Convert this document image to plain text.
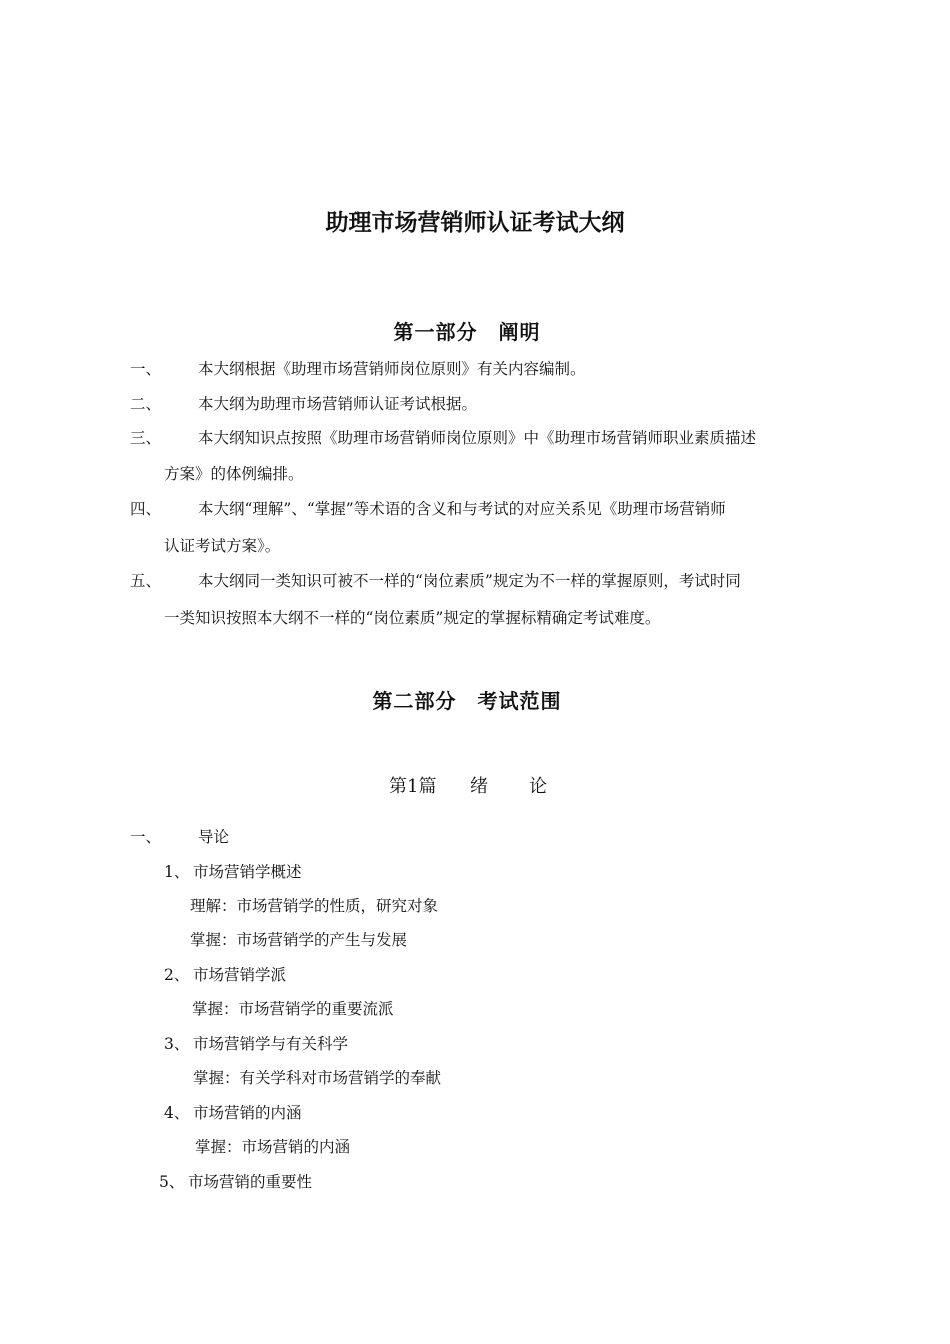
助理市场营销师认证考试大纲
第一部分　阐明
一、 本大纲根据《助理市场营销师岗位原则》有关内容编制。
二、 本大纲为助理市场营销师认证考试根据。
三、 本大纲知识点按照《助理市场营销师岗位原则》中《助理市场营销师职业素质描述
方案》的体例编排。
四、 本大纲“理解”、“掌握”等术语的含义和与考试的对应关系见《助理市场营销师
认证考试方案》。
五、 本大纲同一类知识可被不一样的“岗位素质”规定为不一样的掌握原则，考试时同
一类知识按照本大纲不一样的“岗位素质”规定的掌握标精确定考试难度。
第二部分　考试范围
第1篇 绪 论
一、 导论
1、 市场营销学概述
理解：市场营销学的性质，研究对象
掌握：市场营销学的产生与发展
2、 市场营销学派
掌握：市场营销学的重要流派
3、 市场营销学与有关科学
掌握：有关学科对市场营销学的奉献
4、 市场营销的内涵
掌握：市场营销的内涵
5、 市场营销的重要性
